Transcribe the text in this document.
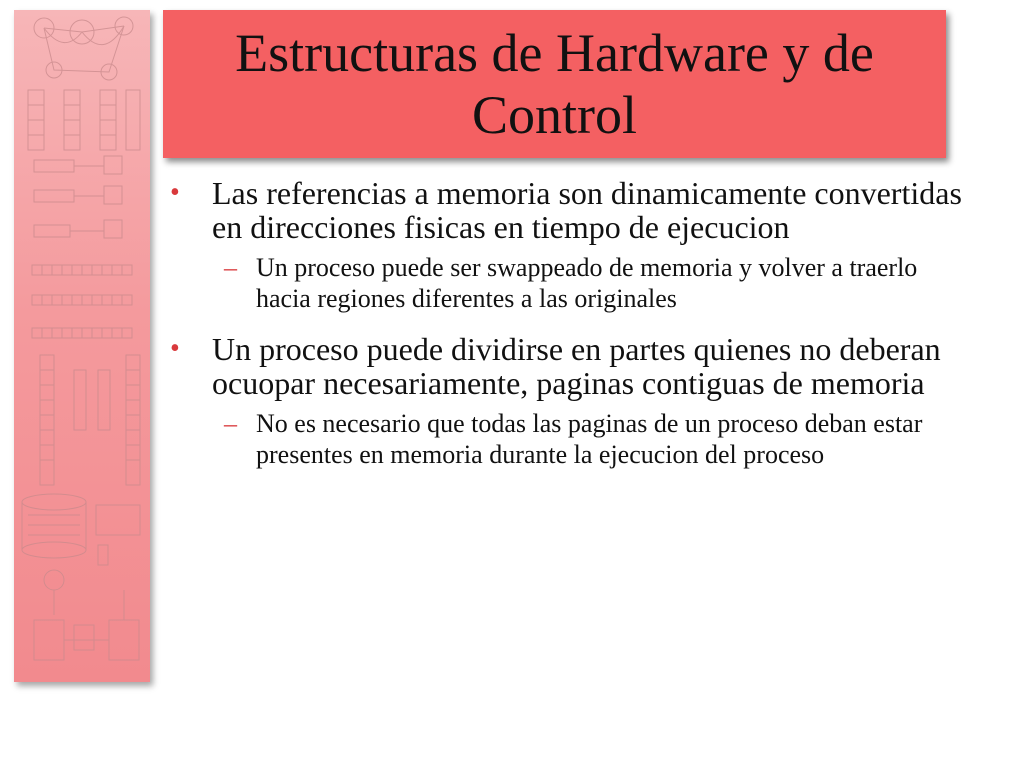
Estructuras de Hardware y de Control
• Las referencias a memoria son dinamicamente convertidas en direcciones fisicas en tiempo de ejecucion
– Un proceso puede ser swappeado de memoria y volver a traerlo hacia regiones diferentes a las originales
• Un proceso puede dividirse en partes quienes no deberan ocuopar necesariamente, paginas contiguas de memoria
– No es necesario que todas las paginas de un proceso deban estar presentes en memoria durante la ejecucion del proceso
